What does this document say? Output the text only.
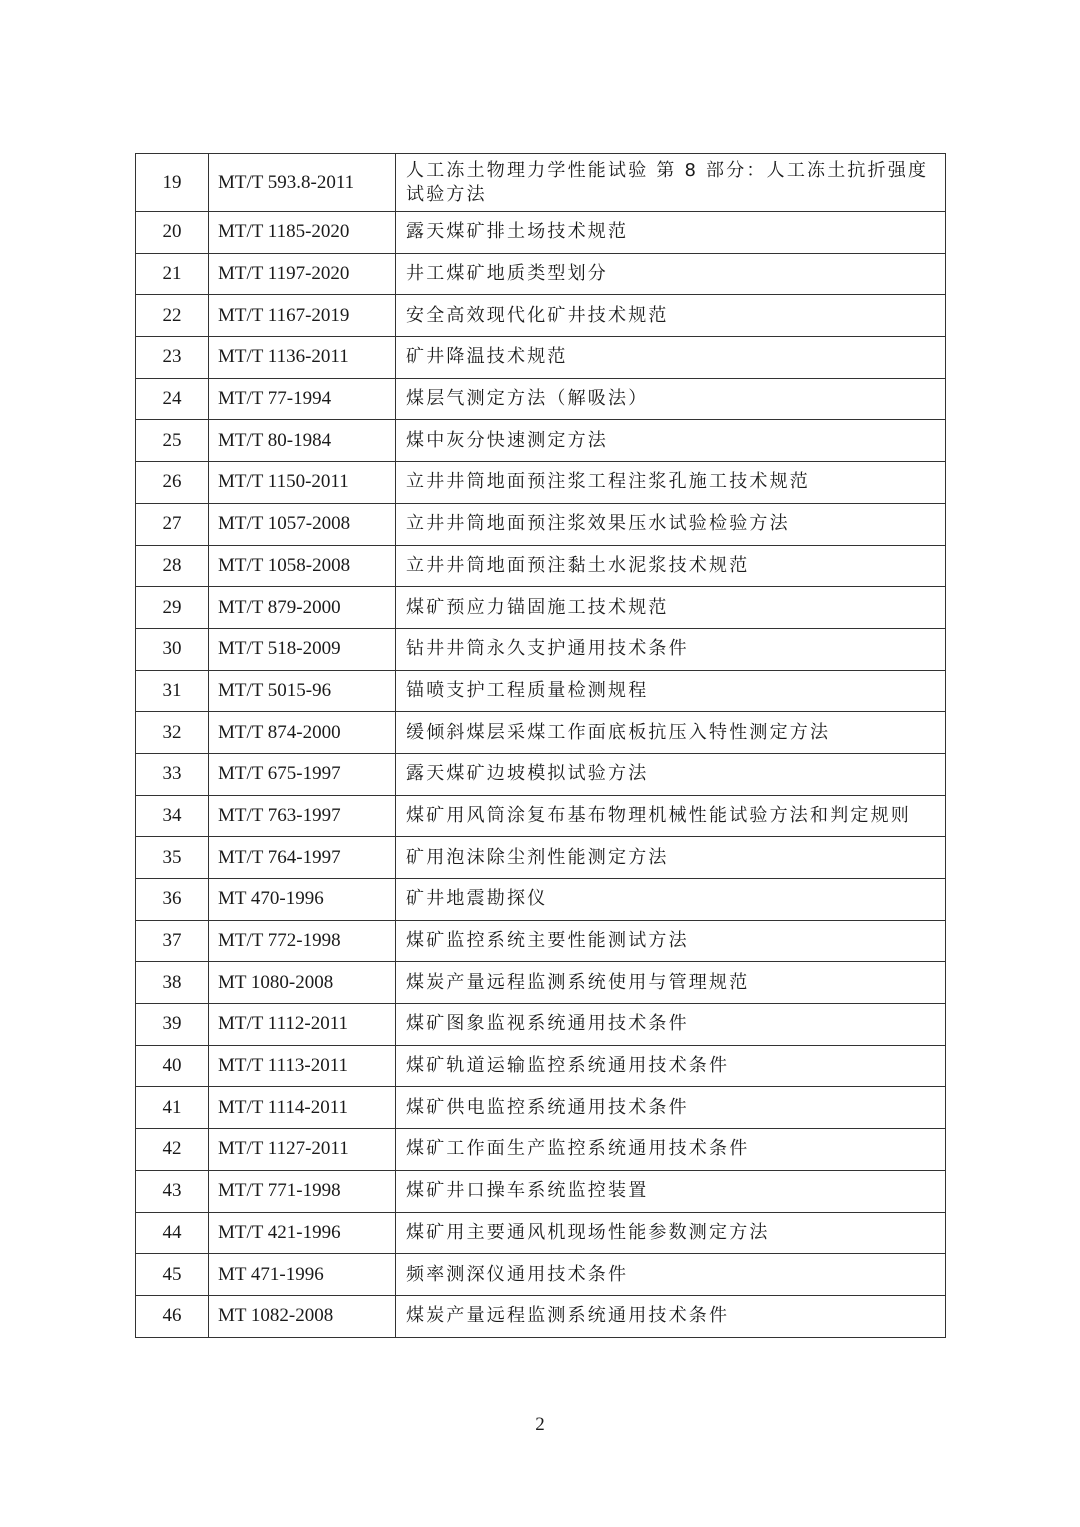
19	MT/T 593.8-2011	人工冻土物理力学性能试验 第 8 部分：人工冻土抗折强度试验方法
20	MT/T 1185-2020	露天煤矿排土场技术规范
21	MT/T 1197-2020	井工煤矿地质类型划分
22	MT/T 1167-2019	安全高效现代化矿井技术规范
23	MT/T 1136-2011	矿井降温技术规范
24	MT/T 77-1994	煤层气测定方法（解吸法）
25	MT/T 80-1984	煤中灰分快速测定方法
26	MT/T 1150-2011	立井井筒地面预注浆工程注浆孔施工技术规范
27	MT/T 1057-2008	立井井筒地面预注浆效果压水试验检验方法
28	MT/T 1058-2008	立井井筒地面预注黏土水泥浆技术规范
29	MT/T 879-2000	煤矿预应力锚固施工技术规范
30	MT/T 518-2009	钻井井筒永久支护通用技术条件
31	MT/T 5015-96	锚喷支护工程质量检测规程
32	MT/T 874-2000	缓倾斜煤层采煤工作面底板抗压入特性测定方法
33	MT/T 675-1997	露天煤矿边坡模拟试验方法
34	MT/T 763-1997	煤矿用风筒涂复布基布物理机械性能试验方法和判定规则
35	MT/T 764-1997	矿用泡沫除尘剂性能测定方法
36	MT 470-1996	矿井地震勘探仪
37	MT/T 772-1998	煤矿监控系统主要性能测试方法
38	MT 1080-2008	煤炭产量远程监测系统使用与管理规范
39	MT/T 1112-2011	煤矿图象监视系统通用技术条件
40	MT/T 1113-2011	煤矿轨道运输监控系统通用技术条件
41	MT/T 1114-2011	煤矿供电监控系统通用技术条件
42	MT/T 1127-2011	煤矿工作面生产监控系统通用技术条件
43	MT/T 771-1998	煤矿井口操车系统监控装置
44	MT/T 421-1996	煤矿用主要通风机现场性能参数测定方法
45	MT 471-1996	频率测深仪通用技术条件
46	MT 1082-2008	煤炭产量远程监测系统通用技术条件
2
